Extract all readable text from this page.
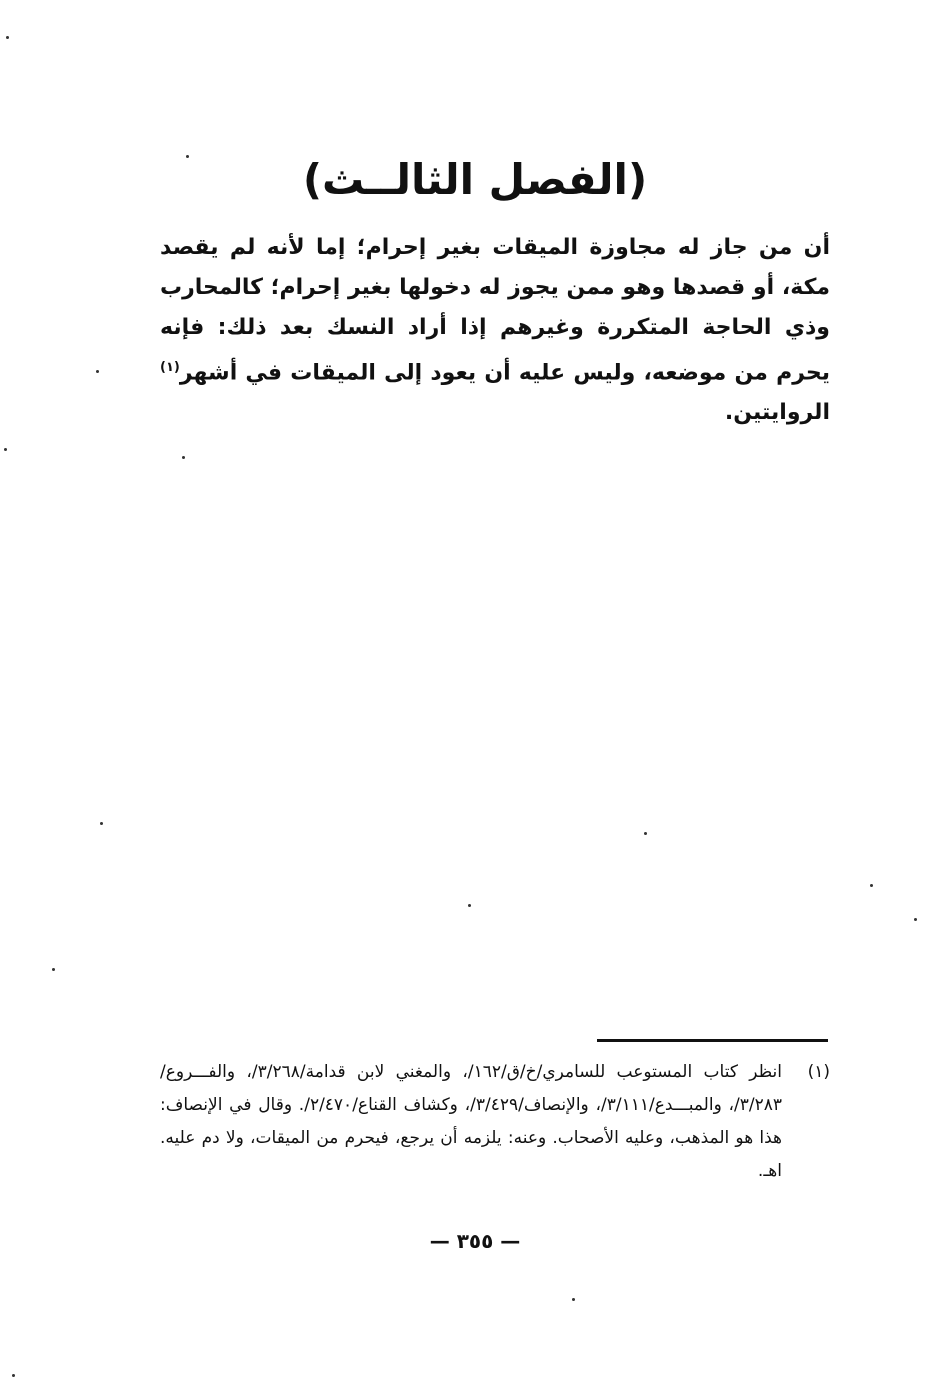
(الفصل الثالــث)

أن من جاز له مجاوزة الميقات بغير إحرام؛ إما لأنه لم يقصد مكة، أو قصدها وهو ممن يجوز له دخولها بغير إحرام؛ كالمحارب وذي الحاجة المتكررة وغيرهم إذا أراد النسك بعد ذلك: فإنه يحرم من موضعه، وليس عليه أن يعود إلى الميقات في أشهر$^{(١)}$ الروايتين.

(١)
انظر كتاب المستوعب للسامري/خ/ق/١٦٢/، والمغني لابن قدامة/٣/٢٦٨/، والفـــروع/٣/٢٨٣/، والمبـــدع/٣/١١١/، والإنصاف/٣/٤٢٩/، وكشاف القناع/٢/٤٧٠/. وقال في الإنصاف: هذا هو المذهب، وعليه الأصحاب. وعنه: يلزمه أن يرجع، فيحرم من الميقات، ولا دم عليه. اهـ.
— ٣٥٥ —
